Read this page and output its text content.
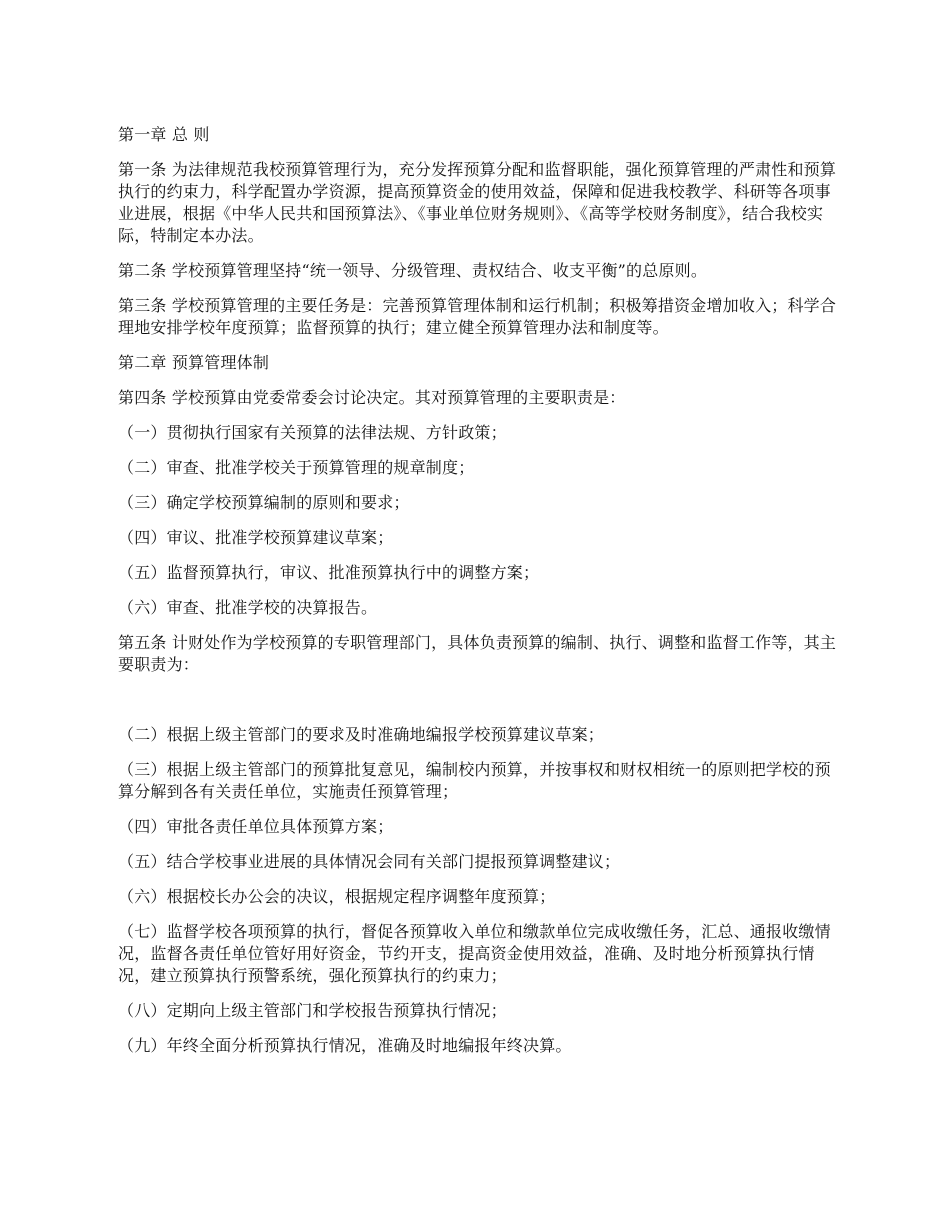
第一章 总 则

第一条 为法律规范我校预算管理行为，充分发挥预算分配和监督职能，强化预算管理的严肃性和预算执行的约束力，科学配置办学资源，提高预算资金的使用效益，保障和促进我校教学、科研等各项事业进展，根据《中华人民共和国预算法》、《事业单位财务规则》、《高等学校财务制度》，结合我校实际，特制定本办法。

第二条 学校预算管理坚持“统一领导、分级管理、责权结合、收支平衡”的总原则。

第三条 学校预算管理的主要任务是：完善预算管理体制和运行机制；积极筹措资金增加收入；科学合理地安排学校年度预算；监督预算的执行；建立健全预算管理办法和制度等。

第二章 预算管理体制

第四条 学校预算由党委常委会讨论决定。其对预算管理的主要职责是：

（一）贯彻执行国家有关预算的法律法规、方针政策；

（二）审查、批准学校关于预算管理的规章制度；

（三）确定学校预算编制的原则和要求；

（四）审议、批准学校预算建议草案；

（五）监督预算执行，审议、批准预算执行中的调整方案；

（六）审查、批准学校的决算报告。

第五条 计财处作为学校预算的专职管理部门，具体负责预算的编制、执行、调整和监督工作等，其主要职责为：

（二）根据上级主管部门的要求及时准确地编报学校预算建议草案；

（三）根据上级主管部门的预算批复意见，编制校内预算，并按事权和财权相统一的原则把学校的预算分解到各有关责任单位，实施责任预算管理；

（四）审批各责任单位具体预算方案；

（五）结合学校事业进展的具体情况会同有关部门提报预算调整建议；

（六）根据校长办公会的决议，根据规定程序调整年度预算；

（七）监督学校各项预算的执行，督促各预算收入单位和缴款单位完成收缴任务，汇总、通报收缴情况，监督各责任单位管好用好资金，节约开支，提高资金使用效益，准确、及时地分析预算执行情况，建立预算执行预警系统，强化预算执行的约束力；

（八）定期向上级主管部门和学校报告预算执行情况；

（九）年终全面分析预算执行情况，准确及时地编报年终决算。
